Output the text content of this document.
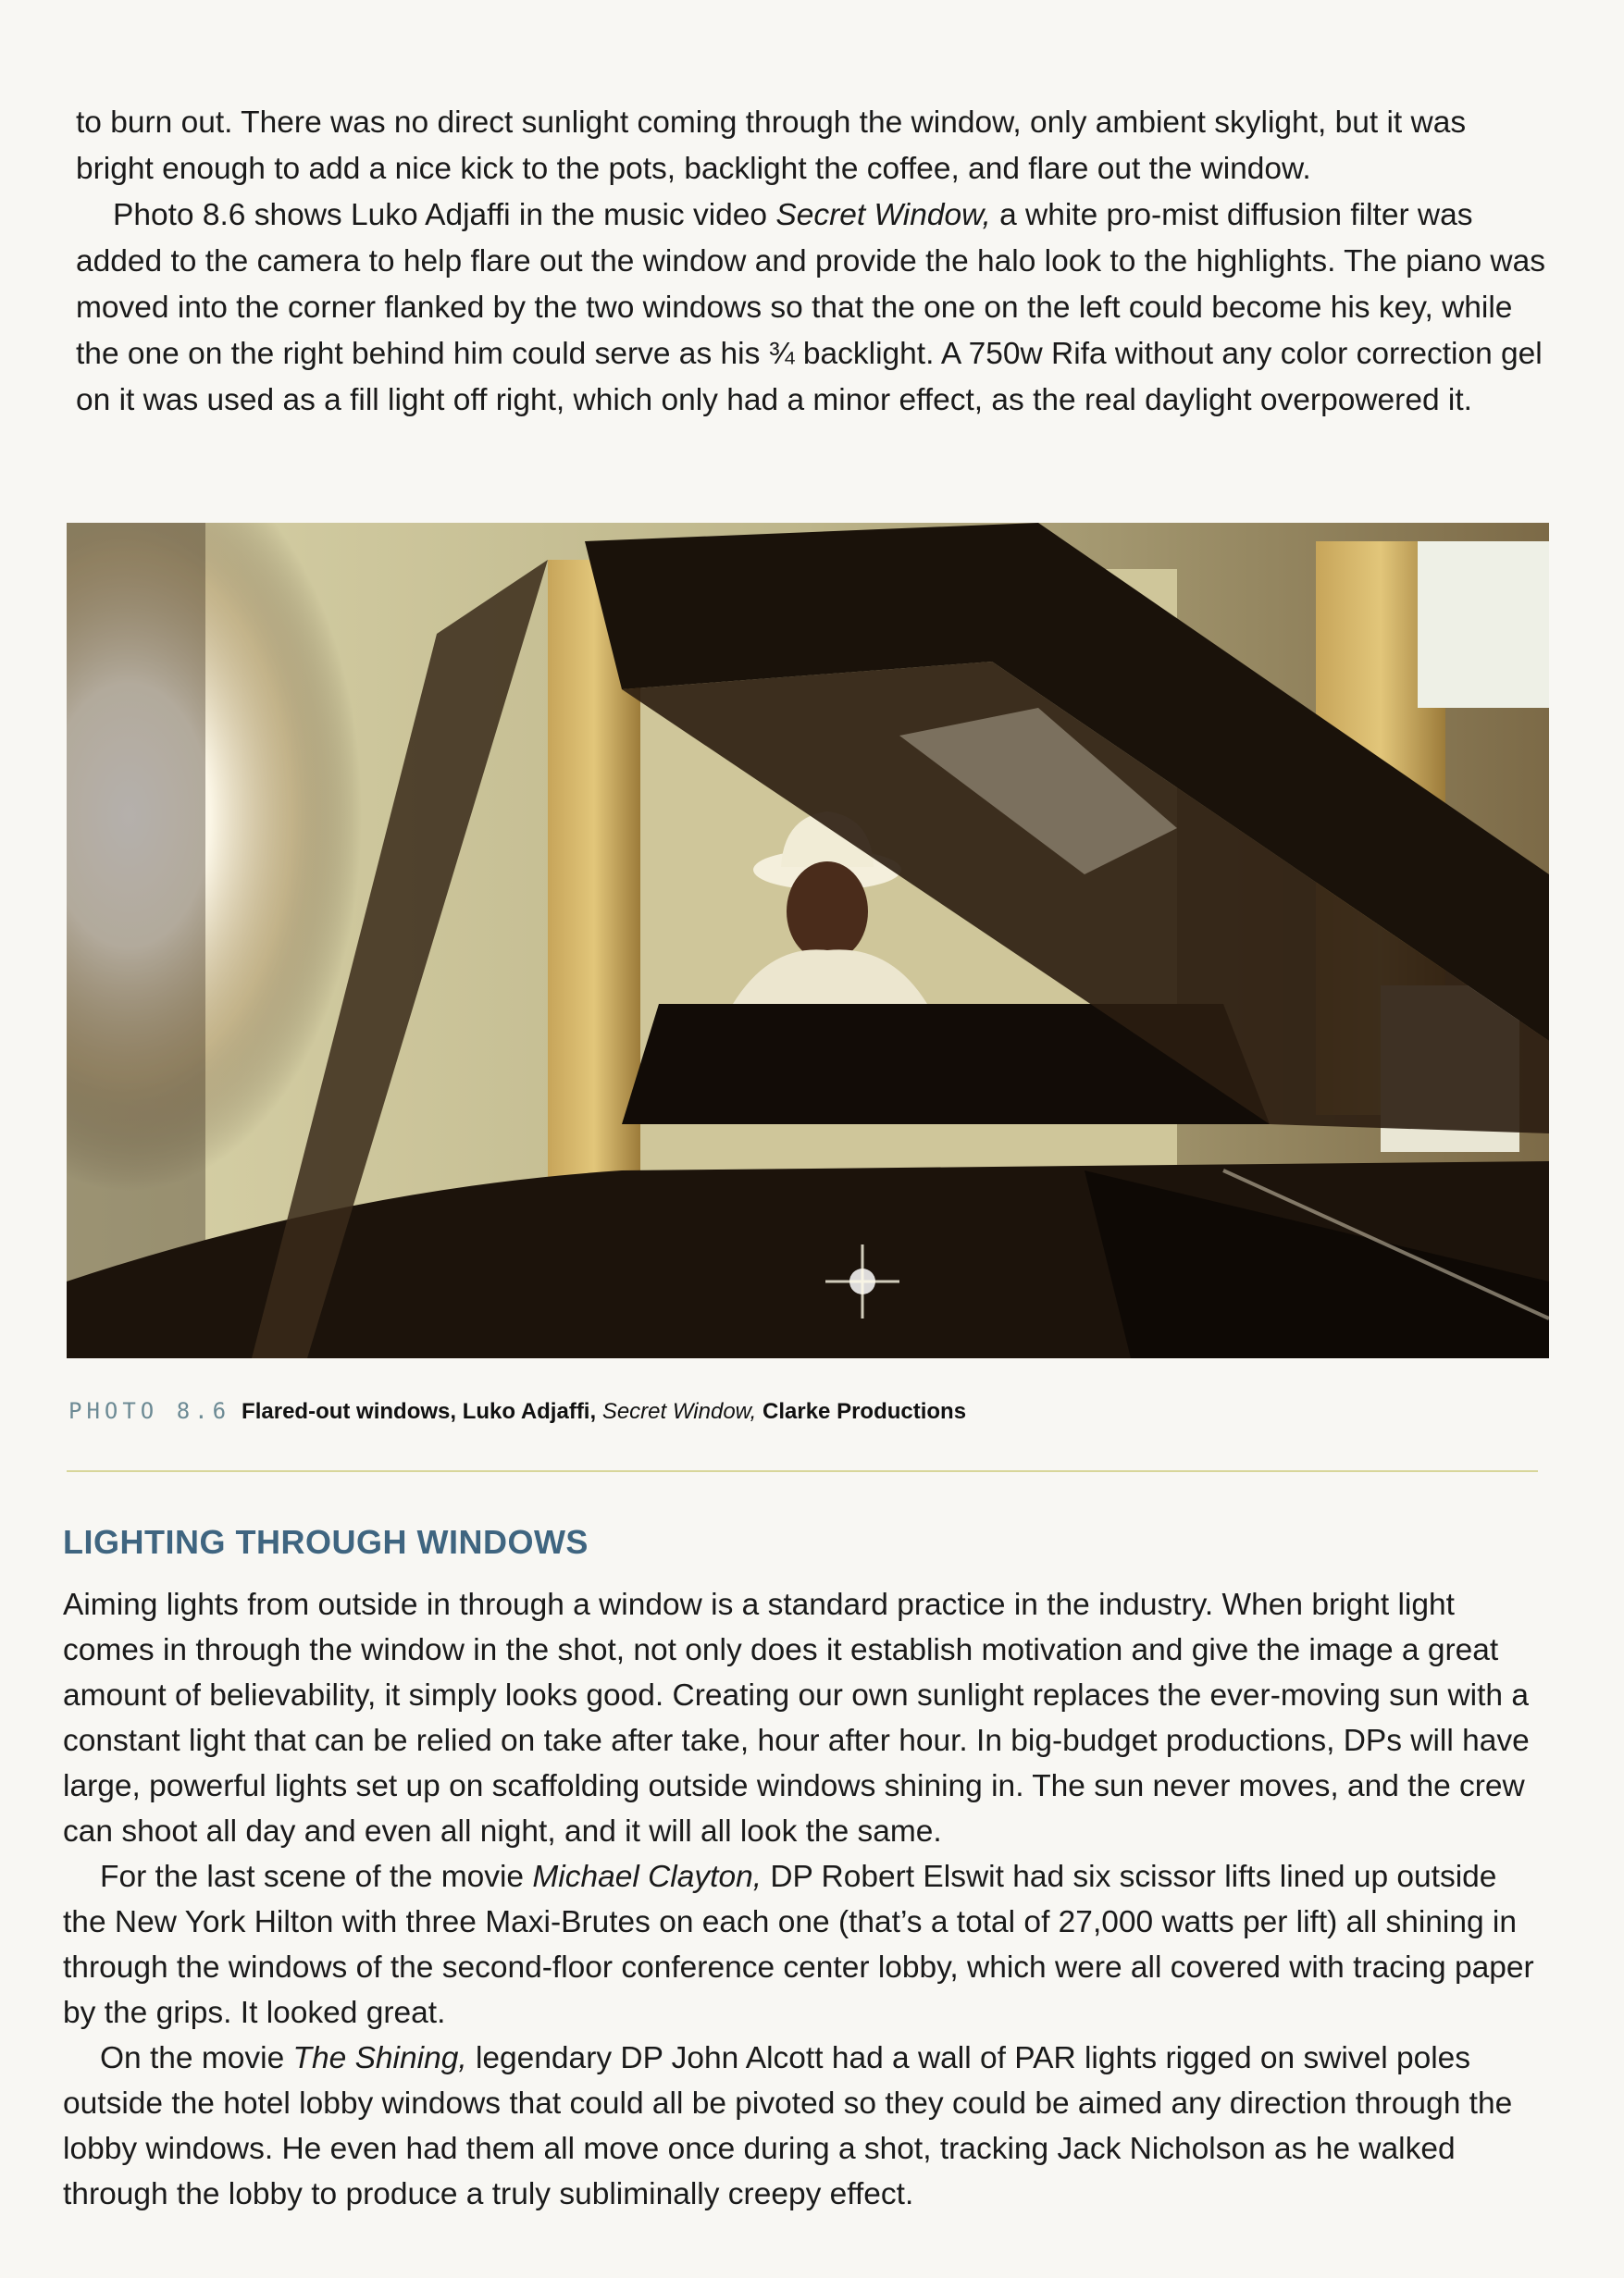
to burn out. There was no direct sunlight coming through the window, only ambient skylight, but it was bright enough to add a nice kick to the pots, backlight the coffee, and flare out the window.
Photo 8.6 shows Luko Adjaffi in the music video Secret Window, a white pro-mist diffusion filter was added to the camera to help flare out the window and provide the halo look to the highlights. The piano was moved into the corner flanked by the two windows so that the one on the left could become his key, while the one on the right behind him could serve as his ¾ backlight. A 750w Rifa without any color correction gel on it was used as a fill light off right, which only had a minor effect, as the real daylight overpowered it.
PHOTO 8.6 Flared-out windows, Luko Adjaffi, Secret Window, Clarke Productions
LIGHTING THROUGH WINDOWS
Aiming lights from outside in through a window is a standard practice in the industry. When bright light comes in through the window in the shot, not only does it establish motivation and give the image a great amount of believability, it simply looks good. Creating our own sunlight replaces the ever-moving sun with a constant light that can be relied on take after take, hour after hour. In big-budget productions, DPs will have large, powerful lights set up on scaffolding outside windows shining in. The sun never moves, and the crew can shoot all day and even all night, and it will all look the same.
For the last scene of the movie Michael Clayton, DP Robert Elswit had six scissor lifts lined up outside the New York Hilton with three Maxi-Brutes on each one (that’s a total of 27,000 watts per lift) all shining in through the windows of the second-floor conference center lobby, which were all covered with tracing paper by the grips. It looked great.
On the movie The Shining, legendary DP John Alcott had a wall of PAR lights rigged on swivel poles outside the hotel lobby windows that could all be pivoted so they could be aimed any direction through the lobby windows. He even had them all move once during a shot, tracking Jack Nicholson as he walked through the lobby to produce a truly subliminally creepy effect.
